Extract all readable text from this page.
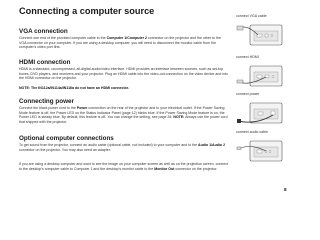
Connecting a computer source
VGA connection

Connect one end of the provided computer cable to the Computer 1/Computer 2 connector on the projector and the other to the VGA connector on your computer. If you are using a desktop computer, you will need to disconnect the monitor cable from the computer's video port first.

HDMI connection

HDMI is a standard, uncompressed, all-digital audio/video interface. HDMI provides an interface between sources, such as set-top boxes, DVD players, and receivers and your projector. Plug an HDMI cable into the video-out connection on the video device and into the HDMI connector on the projector.

NOTE: The IN112a/IN114a/IN116a do not have an HDMI connector.
Connecting power

Connect the black power cord to the Power connection on the rear of the projector and to your electrical outlet. If the Power Saving Mode feature is off, the Power LED on the Status Indicator Panel (page 12) blinks blue. If the Power Saving Mode feature is on, the Power LED is steady blue. By default, this feature is off. You can change the setting, see page 26. NOTE: Always use the power cord that shipped with the projector.

Optional computer connections

To get sound from the projector, connect an audio cable (optional cable, not included) to your computer and to the Audio 1/Audio 2 connector on the projector. You may also need an adapter.

If you are using a desktop computer and want to see the image on your computer screen as well as on the projection screen, connect to the desktop's computer cable to Computer 1 and the desktop's monitor cable to the Monitor Out connector on the projector.

connect VGA cable
connect HDMI
connect power
connect audio cable
8
